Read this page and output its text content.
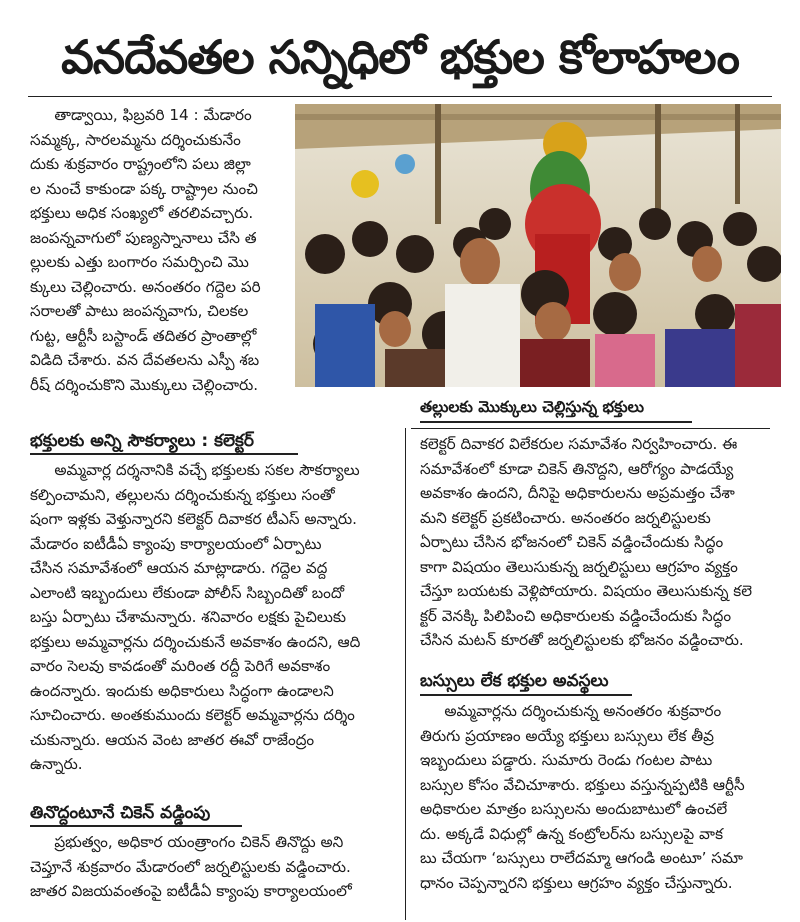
వనదేవతల సన్నిధిలో భక్తుల కోలాహలం
తాడ్వాయి, ఫిబ్రవరి 14 : మేడారం
సమ్మక్క, సారలమ్మను దర్శించుకునేం
దుకు శుక్రవారం రాష్ట్రంలోని పలు జిల్లా
ల నుంచే కాకుండా పక్క రాష్ట్రాల నుంచి
భక్తులు అధిక సంఖ్యలో తరలివచ్చారు.
జంపన్నవాగులో పుణ్యస్నానాలు చేసి త
ల్లులకు ఎత్తు బంగారం సమర్పించి మొ
క్కులు చెల్లించారు. అనంతరం గద్దెల పరి
సరాలతో పాటు జంపన్నవాగు, చిలకల
గుట్ట, ఆర్టీసీ బస్టాండ్ తదితర ప్రాంతాల్లో
విడిది చేశారు. వన దేవతలను ఎస్పీ శబ
రీష్ దర్శించుకొని మొక్కులు చెల్లించారు.

తల్లులకు మొక్కులు చెల్లిస్తున్న భక్తులు

భక్తులకు అన్ని సౌకర్యాలు : కలెక్టర్
అమ్మవార్ల దర్శనానికి వచ్చే భక్తులకు సకల సౌకర్యాలు
కల్పించామని, తల్లులను దర్శించుకున్న భక్తులు సంతో
షంగా ఇళ్లకు వెళ్తున్నారని కలెక్టర్ దివాకర టీఎస్ అన్నారు.
మేడారం ఐటీడీఏ క్యాంపు కార్యాలయంలో ఏర్పాటు
చేసిన సమావేశంలో ఆయన మాట్లాడారు. గద్దెల వద్ద
ఎలాంటి ఇబ్బందులు లేకుండా పోలీస్ సిబ్బందితో బందో
బస్తు ఏర్పాటు చేశామన్నారు. శనివారం లక్షకు పైచిలుకు
భక్తులు అమ్మవార్లను దర్శించుకునే అవకాశం ఉందని, ఆది
వారం సెలవు కావడంతో మరింత రద్దీ పెరిగే అవకాశం
ఉందన్నారు. ఇందుకు అధికారులు సిద్ధంగా ఉండాలని
సూచించారు. అంతకుముందు కలెక్టర్ అమ్మవార్లను దర్శిం
చుకున్నారు. ఆయన వెంట జాతర ఈవో రాజేంద్రం
ఉన్నారు.
తినొద్దంటూనే చికెన్ వడ్డింపు
ప్రభుత్వం, అధికార యంత్రాంగం చికెన్ తినొద్దు అని
చెప్తూనే శుక్రవారం మేడారంలో జర్నలిస్టులకు వడ్డించారు.
జాతర విజయవంతంపై ఐటీడీఏ క్యాంపు కార్యాలయంలో
కలెక్టర్ దివాకర విలేకరుల సమావేశం నిర్వహించారు. ఈ
సమావేశంలో కూడా చికెన్ తినొద్దని, ఆరోగ్యం పాడయ్యే
అవకాశం ఉందని, దీనిపై అధికారులను అప్రమత్తం చేశా
మని కలెక్టర్ ప్రకటించారు. అనంతరం జర్నలిస్టులకు
ఏర్పాటు చేసిన భోజనంలో చికెన్ వడ్డించేందుకు సిద్ధం
కాగా విషయం తెలుసుకున్న జర్నలిస్టులు ఆగ్రహం వ్యక్తం
చేస్తూ బయటకు వెళ్లిపోయారు. విషయం తెలుసుకున్న కలె
క్టర్ వెనక్కి పిలిపించి అధికారులకు వడ్డించేందుకు సిద్ధం
చేసిన మటన్ కూరతో జర్నలిస్టులకు భోజనం వడ్డించారు.
బస్సులు లేక భక్తుల అవస్థలు
అమ్మవార్లను దర్శించుకున్న అనంతరం శుక్రవారం
తిరుగు ప్రయాణం అయ్యే భక్తులు బస్సులు లేక తీవ్ర
ఇబ్బందులు పడ్డారు. సుమారు రెండు గంటల పాటు
బస్సుల కోసం వేచిచూశారు. భక్తులు వస్తున్నప్పటికి ఆర్టీసీ
అధికారుల మాత్రం బస్సులను అందుబాటులో ఉంచలే
దు. అక్కడే విధుల్లో ఉన్న కంట్రోలర్‌ను బస్సులపై వాక
బు చేయగా ‘బస్సులు రాలేదమ్మా ఆగండి అంటూ’ సమా
ధానం చెప్పన్నారని భక్తులు ఆగ్రహం వ్యక్తం చేస్తున్నారు.
